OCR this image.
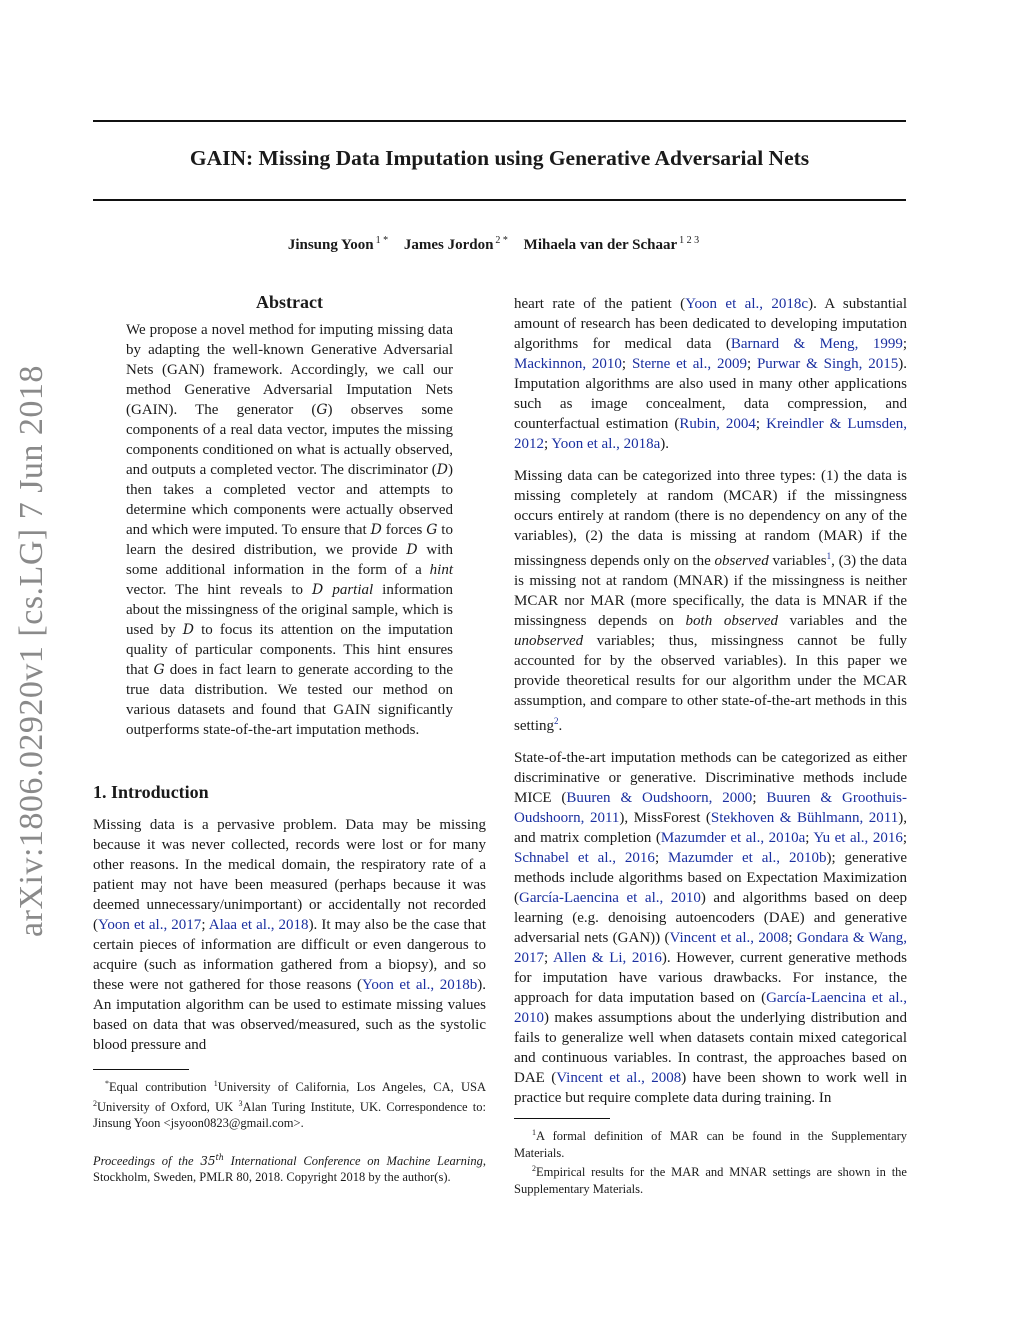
arXiv:1806.02920v1 [cs.LG] 7 Jun 2018
GAIN: Missing Data Imputation using Generative Adversarial Nets
Jinsung Yoon $^{1 *}$ James Jordon $^{2 *}$ Mihaela van der Schaar $^{1 2 3}$
Abstract
We propose a novel method for imputing missing data by adapting the well-known Generative Adversarial Nets (GAN) framework. Accordingly, we call our method Generative Adversarial Imputation Nets (GAIN). The generator (G) observes some components of a real data vector, imputes the missing components conditioned on what is actually observed, and outputs a completed vector. The discriminator (D) then takes a completed vector and attempts to determine which components were actually observed and which were imputed. To ensure that D forces G to learn the desired distribution, we provide D with some additional information in the form of a hint vector. The hint reveals to D partial information about the missingness of the original sample, which is used by D to focus its attention on the imputation quality of particular components. This hint ensures that G does in fact learn to generate according to the true data distribution. We tested our method on various datasets and found that GAIN significantly outperforms state-of-the-art imputation methods.
1. Introduction

Missing data is a pervasive problem. Data may be missing because it was never collected, records were lost or for many other reasons. In the medical domain, the respiratory rate of a patient may not have been measured (perhaps because it was deemed unnecessary/unimportant) or accidentally not recorded (Yoon et al., 2017; Alaa et al., 2018). It may also be the case that certain pieces of information are difficult or even dangerous to acquire (such as information gathered from a biopsy), and so these were not gathered for those reasons (Yoon et al., 2018b). An imputation algorithm can be used to estimate missing values based on data that was observed/measured, such as the systolic blood pressure and

*Equal contribution $^1$University of California, Los Angeles, CA, USA $^2$University of Oxford, UK $^3$Alan Turing Institute, UK. Correspondence to: Jinsung Yoon <jsyoon0823@gmail.com>.

Proceedings of the 35th International Conference on Machine Learning, Stockholm, Sweden, PMLR 80, 2018. Copyright 2018 by the author(s).

heart rate of the patient (Yoon et al., 2018c). A substantial amount of research has been dedicated to developing imputation algorithms for medical data (Barnard & Meng, 1999; Mackinnon, 2010; Sterne et al., 2009; Purwar & Singh, 2015). Imputation algorithms are also used in many other applications such as image concealment, data compression, and counterfactual estimation (Rubin, 2004; Kreindler & Lumsden, 2012; Yoon et al., 2018a).

Missing data can be categorized into three types: (1) the data is missing completely at random (MCAR) if the missingness occurs entirely at random (there is no dependency on any of the variables), (2) the data is missing at random (MAR) if the missingness depends only on the observed variables$^1$, (3) the data is missing not at random (MNAR) if the missingness is neither MCAR nor MAR (more specifically, the data is MNAR if the missingness depends on both observed variables and the unobserved variables; thus, missingness cannot be fully accounted for by the observed variables). In this paper we provide theoretical results for our algorithm under the MCAR assumption, and compare to other state-of-the-art methods in this setting$^2$.

State-of-the-art imputation methods can be categorized as either discriminative or generative. Discriminative methods include MICE (Buuren & Oudshoorn, 2000; Buuren & Groothuis-Oudshoorn, 2011), MissForest (Stekhoven & Bühlmann, 2011), and matrix completion (Mazumder et al., 2010a; Yu et al., 2016; Schnabel et al., 2016; Mazumder et al., 2010b); generative methods include algorithms based on Expectation Maximization (García-Laencina et al., 2010) and algorithms based on deep learning (e.g. denoising autoencoders (DAE) and generative adversarial nets (GAN)) (Vincent et al., 2008; Gondara & Wang, 2017; Allen & Li, 2016). However, current generative methods for imputation have various drawbacks. For instance, the approach for data imputation based on (García-Laencina et al., 2010) makes assumptions about the underlying distribution and fails to generalize well when datasets contain mixed categorical and continuous variables. In contrast, the approaches based on DAE (Vincent et al., 2008) have been shown to work well in practice but require complete data during training. In

$^1$A formal definition of MAR can be found in the Supplementary Materials.

$^2$Empirical results for the MAR and MNAR settings are shown in the Supplementary Materials.
